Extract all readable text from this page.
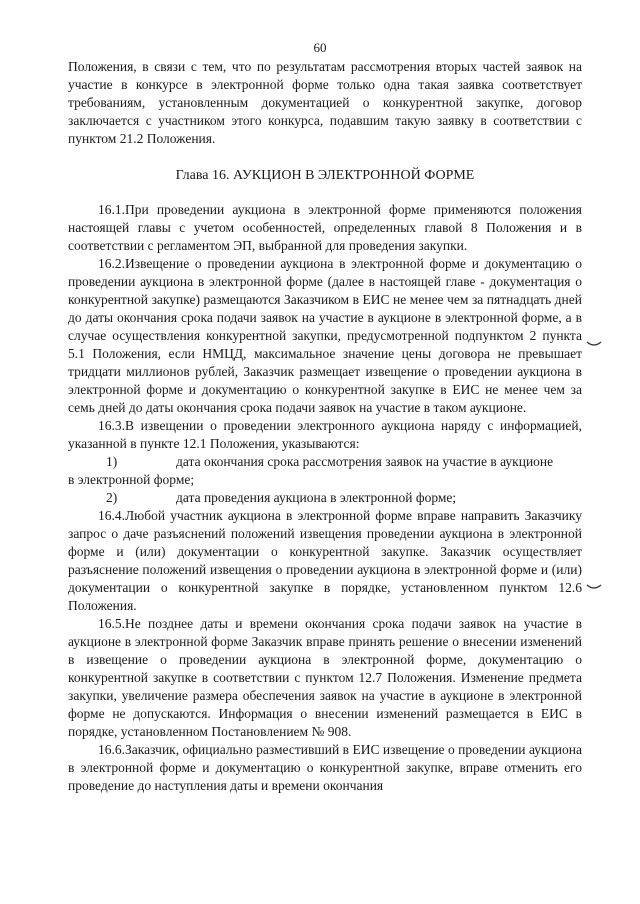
60

Положения, в связи с тем, что по результатам рассмотрения вторых частей заявок на участие в конкурсе в электронной форме только одна такая заявка соответствует требованиям, установленным документацией о конкурентной закупке, договор заключается с участником этого конкурса, подавшим такую заявку в соответствии с пунктом 21.2 Положения.

Глава 16. АУКЦИОН В ЭЛЕКТРОННОЙ ФОРМЕ

16.1.При проведении аукциона в электронной форме применяются положения настоящей главы с учетом особенностей, определенных главой 8 Положения и в соответствии с регламентом ЭП, выбранной для проведения закупки.

16.2.Извещение о проведении аукциона в электронной форме и документацию о проведении аукциона в электронной форме (далее в настоящей главе - документация о конкурентной закупке) размещаются Заказчиком в ЕИС не менее чем за пятнадцать дней до даты окончания срока подачи заявок на участие в аукционе в электронной форме, а в случае осуществления конкурентной закупки, предусмотренной подпунктом 2 пункта 5.1 Положения, если НМЦД, максимальное значение цены договора не превышает тридцати миллионов рублей, Заказчик размещает извещение о проведении аукциона в электронной форме и документацию о конкурентной закупке в ЕИС не менее чем за семь дней до даты окончания срока подачи заявок на участие в таком аукционе.

16.3.В извещении о проведении электронного аукциона наряду с информацией, указанной в пункте 12.1 Положения, указываются:

1)	дата окончания срока рассмотрения заявок на участие в аукционе

в электронной форме;

2)	дата проведения аукциона в электронной форме;

16.4.Любой участник аукциона в электронной форме вправе направить Заказчику запрос о даче разъяснений положений извещения проведении аукциона в электронной форме и (или) документации о конкурентной закупке. Заказчик осуществляет разъяснение положений извещения о проведении аукциона в электронной форме и (или) документации о конкурентной закупке в порядке, установленном пунктом 12.6 Положения.

16.5.Не позднее даты и времени окончания срока подачи заявок на участие в аукционе в электронной форме Заказчик вправе принять решение о внесении изменений в извещение о проведении аукциона в электронной форме, документацию о конкурентной закупке в соответствии с пунктом 12.7 Положения. Изменение предмета закупки, увеличение размера обеспечения заявок на участие в аукционе в электронной форме не допускаются. Информация о внесении изменений размещается в ЕИС в порядке, установленном Постановлением № 908.

16.6.Заказчик, официально разместивший в ЕИС извещение о проведении аукциона в электронной форме и документацию о конкурентной закупке, вправе отменить его проведение до наступления даты и времени окончания
